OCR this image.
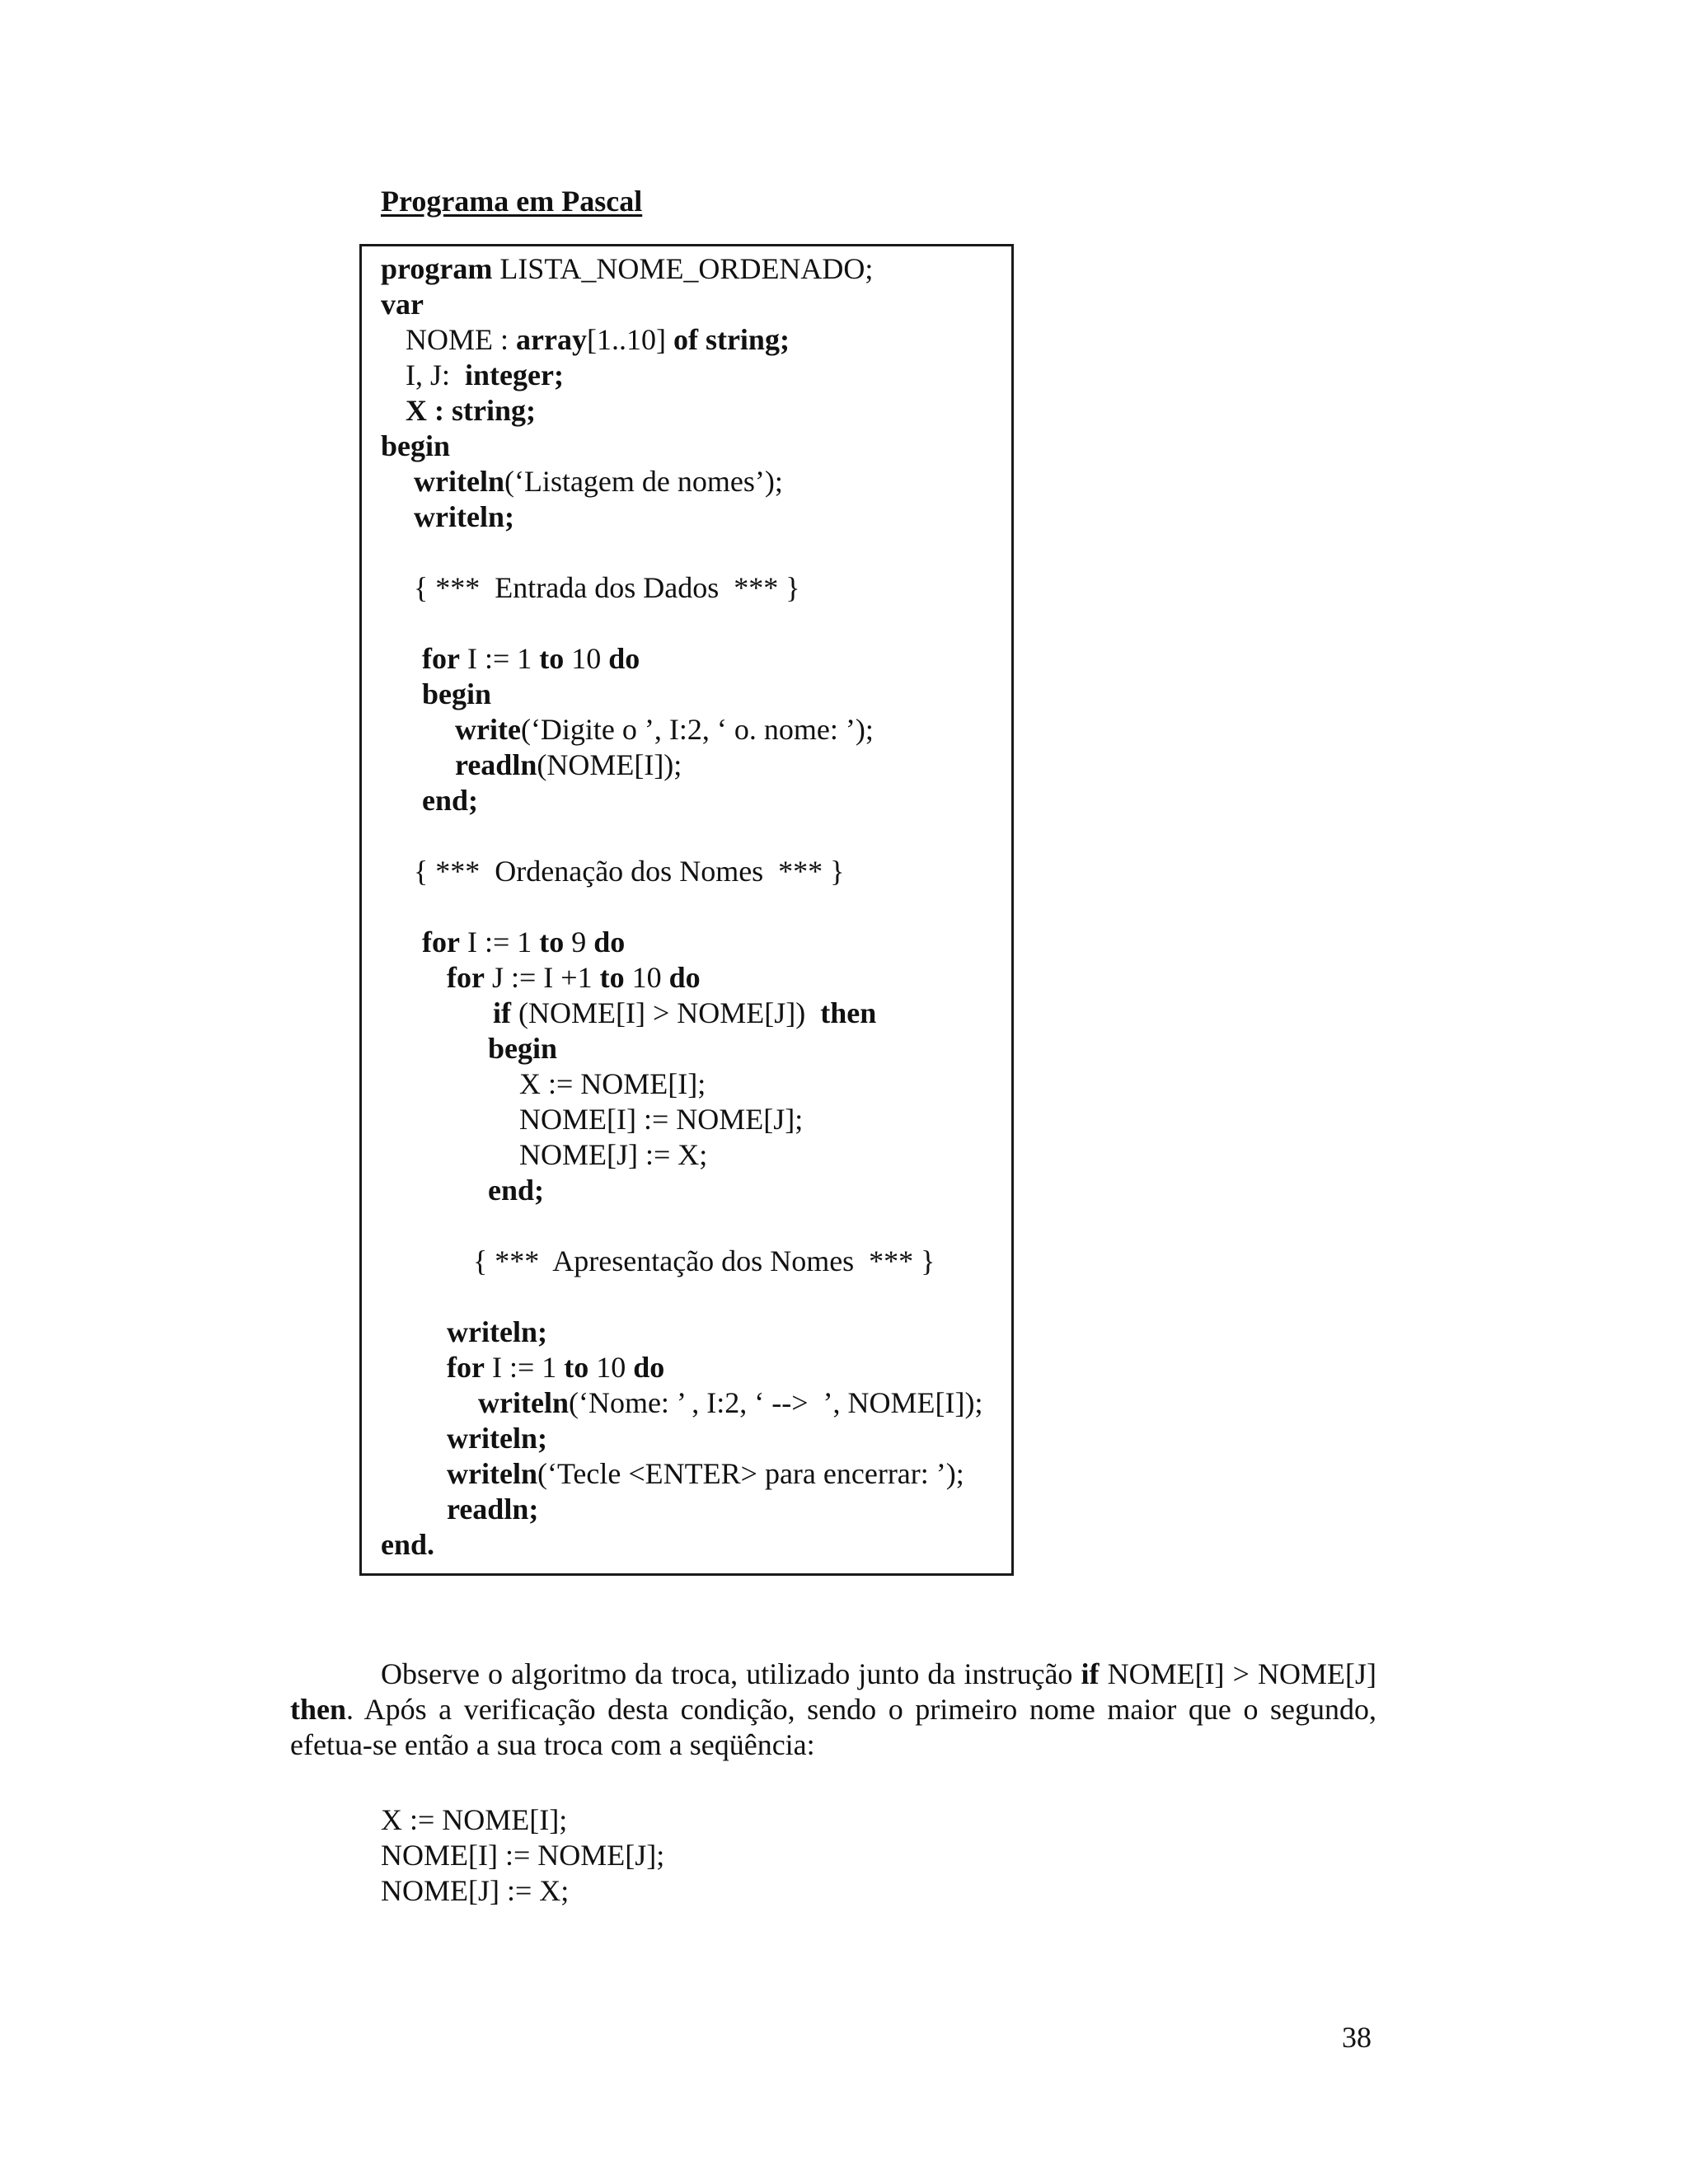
Programa em Pascal
program LISTA_NOME_ORDENADO;
var
NOME : array[1..10] of string;
I, J:  integer;
X : string;
begin
writeln(‘Listagem de nomes’);
writeln;
{ ***  Entrada dos Dados  *** }
for I := 1 to 10 do
begin
write(‘Digite o ’, I:2, ‘ o. nome: ’);
readln(NOME[I]);
end;
{ ***  Ordenação dos Nomes  *** }
for I := 1 to 9 do
for J := I +1 to 10 do
if (NOME[I] > NOME[J])  then
begin
X := NOME[I];
NOME[I] := NOME[J];
NOME[J] := X;
end;
{ ***  Apresentação dos Nomes  *** }
writeln;
for I := 1 to 10 do
writeln(‘Nome: ’ , I:2, ‘ -->  ’, NOME[I]);
writeln;
writeln(‘Tecle <ENTER> para encerrar: ’);
readln;
end.

Observe o algoritmo da troca, utilizado junto da instrução if NOME[I] > NOME[J] then. Após a verificação desta condição, sendo o primeiro nome maior que o segundo, efetua-se então a sua troca com a seqüência:

X := NOME[I];
NOME[I] := NOME[J];
NOME[J] := X;
38
